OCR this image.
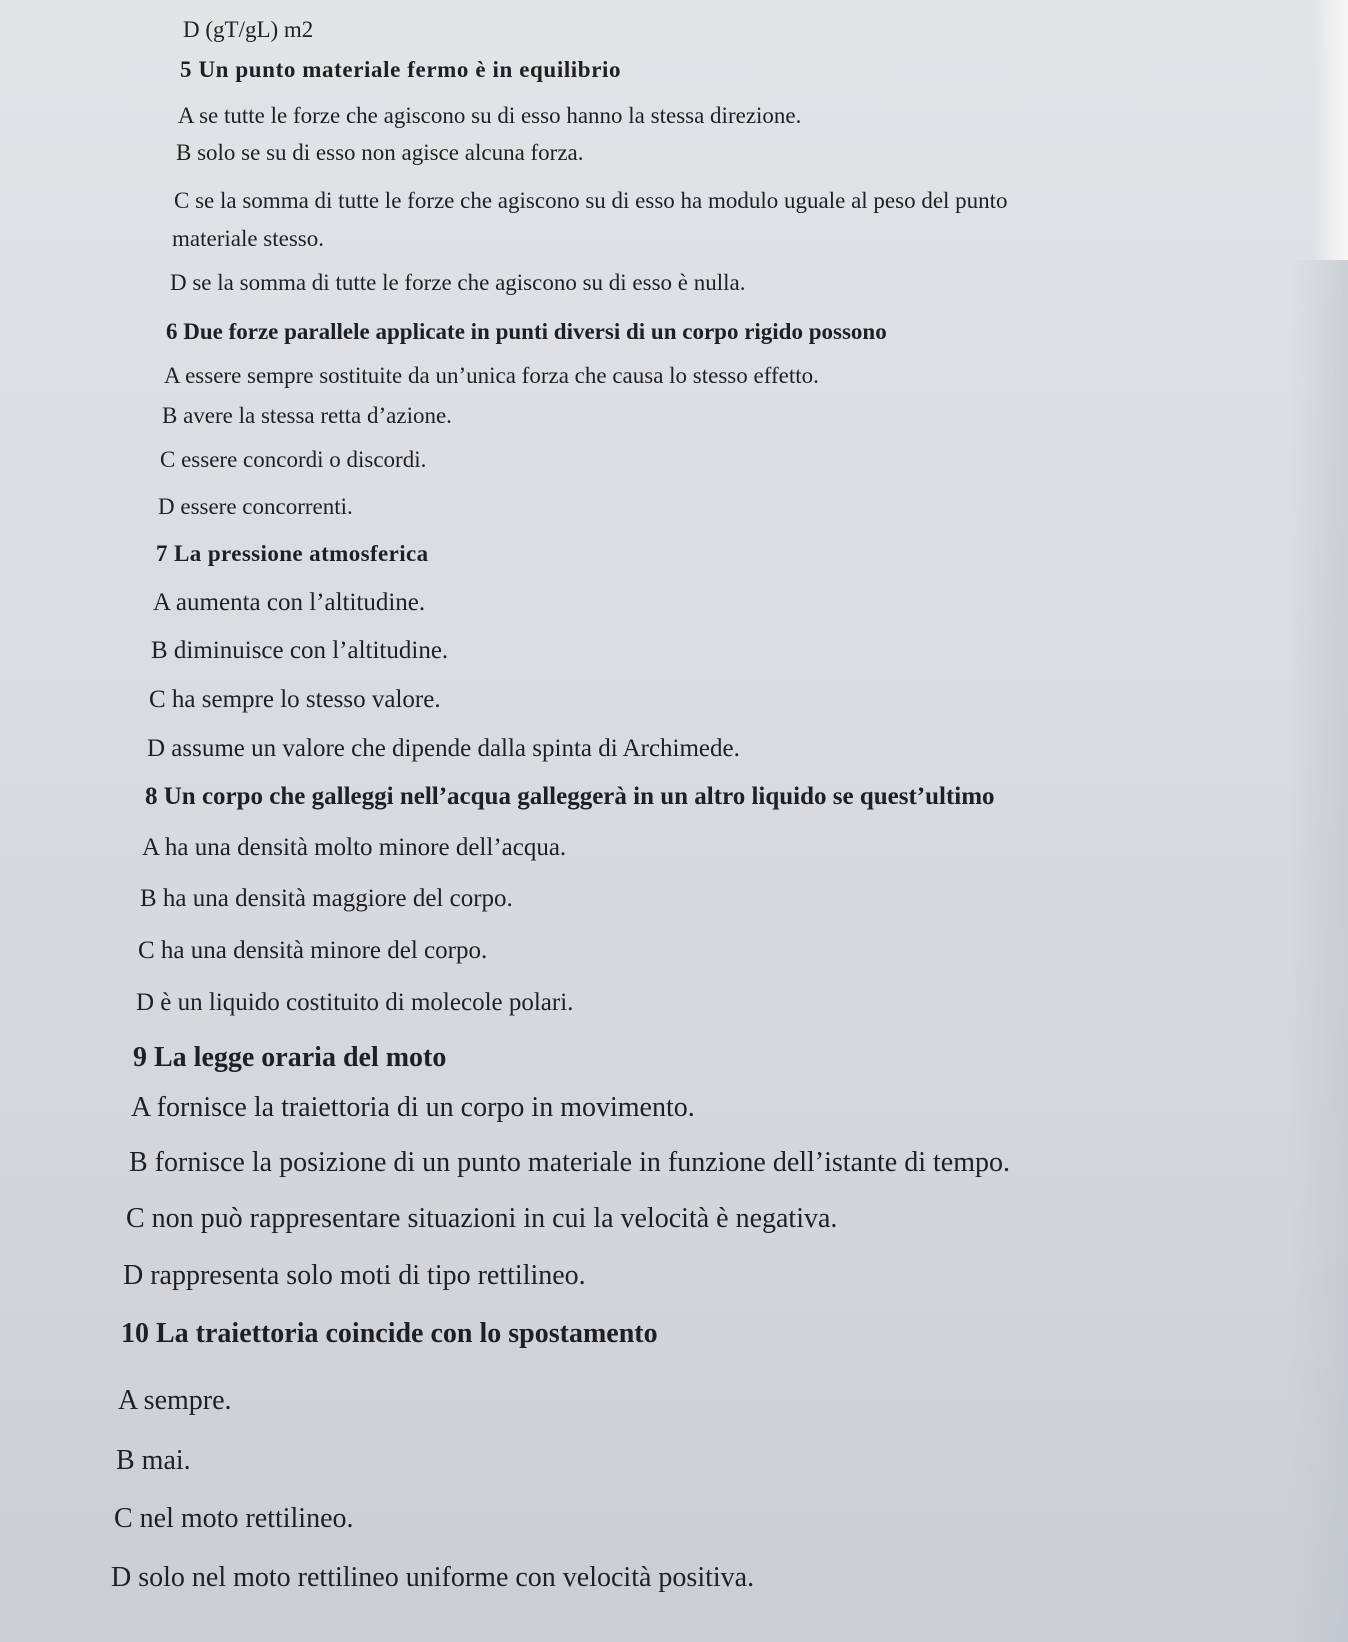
D (gT/gL) m2

5 Un punto materiale fermo è in equilibrio

A se tutte le forze che agiscono su di esso hanno la stessa direzione.

B solo se su di esso non agisce alcuna forza.

C se la somma di tutte le forze che agiscono su di esso ha modulo uguale al peso del punto

materiale stesso.

D se la somma di tutte le forze che agiscono su di esso è nulla.

6 Due forze parallele applicate in punti diversi di un corpo rigido possono

A essere sempre sostituite da un’unica forza che causa lo stesso effetto.

B avere la stessa retta d’azione.

C essere concordi o discordi.

D essere concorrenti.

7 La pressione atmosferica

A aumenta con l’altitudine.

B diminuisce con l’altitudine.

C ha sempre lo stesso valore.

D assume un valore che dipende dalla spinta di Archimede.

8 Un corpo che galleggi nell’acqua galleggerà in un altro liquido se quest’ultimo

A ha una densità molto minore dell’acqua.

B ha una densità maggiore del corpo.

C ha una densità minore del corpo.

D è un liquido costituito di molecole polari.

9 La legge oraria del moto

A fornisce la traiettoria di un corpo in movimento.

B fornisce la posizione di un punto materiale in funzione dell’istante di tempo.

C non può rappresentare situazioni in cui la velocità è negativa.

D rappresenta solo moti di tipo rettilineo.

10 La traiettoria coincide con lo spostamento

A sempre.

B mai.

C nel moto rettilineo.

D solo nel moto rettilineo uniforme con velocità positiva.
